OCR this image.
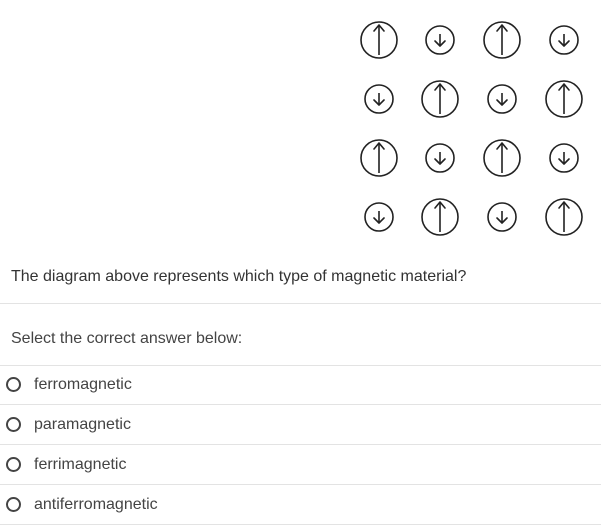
The diagram above represents which type of magnetic material?
Select the correct answer below:
ferromagnetic
paramagnetic
ferrimagnetic
antiferromagnetic
